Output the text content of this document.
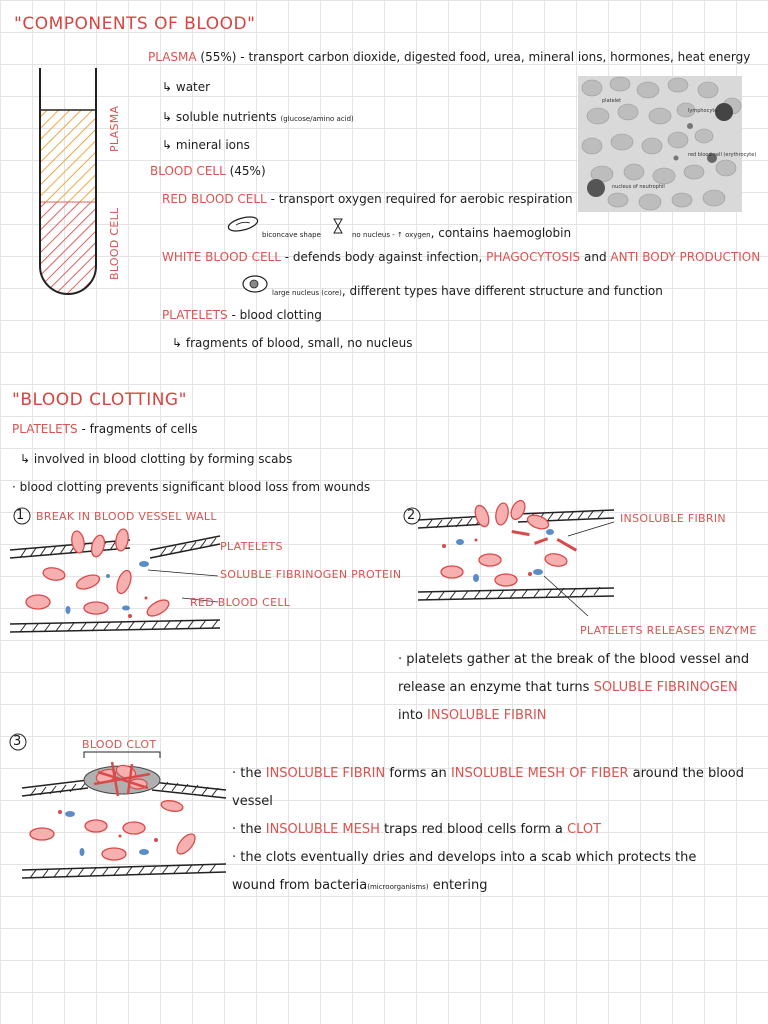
"COMPONENTS OF BLOOD"
PLASMA
BLOOD CELL
PLASMA (55%) - transport carbon dioxide, digested food, urea, mineral ions, hormones, heat energy
↳ water
↳ soluble nutrients (glucose/amino acid)
↳ mineral ions
BLOOD CELL (45%)
RED BLOOD CELL - transport oxygen required for aerobic respiration
biconcave shape	no nucleus - ↑ oxygen, contains haemoglobin
WHITE BLOOD CELL - defends body against infection, PHAGOCYTOSIS and ANTI BODY PRODUCTION
large nucleus (core), different types have different structure and function
PLATELETS - blood clotting
↳ fragments of blood, small, no nucleus
platelet
lymphocyte
red blood cell (erythrocyte)
nucleus of neutrophil
"BLOOD CLOTTING"
PLATELETS - fragments of cells
↳ involved in blood clotting by forming scabs
· blood clotting prevents significant blood loss from wounds
1 BREAK IN BLOOD VESSEL WALL
PLATELETS
SOLUBLE FIBRINOGEN PROTEIN
RED BLOOD CELL
2	INSOLUBLE FIBRIN
PLATELETS RELEASES ENZYME
· platelets gather at the break of the blood vessel and
release an enzyme that turns SOLUBLE FIBRINOGEN
into INSOLUBLE FIBRIN
3	BLOOD CLOT
· the INSOLUBLE FIBRIN forms an INSOLUBLE MESH OF FIBER around the blood
vessel
· the INSOLUBLE MESH traps red blood cells form a CLOT
· the clots eventually dries and develops into a scab which protects the
wound from bacteria(microorganisms) entering
